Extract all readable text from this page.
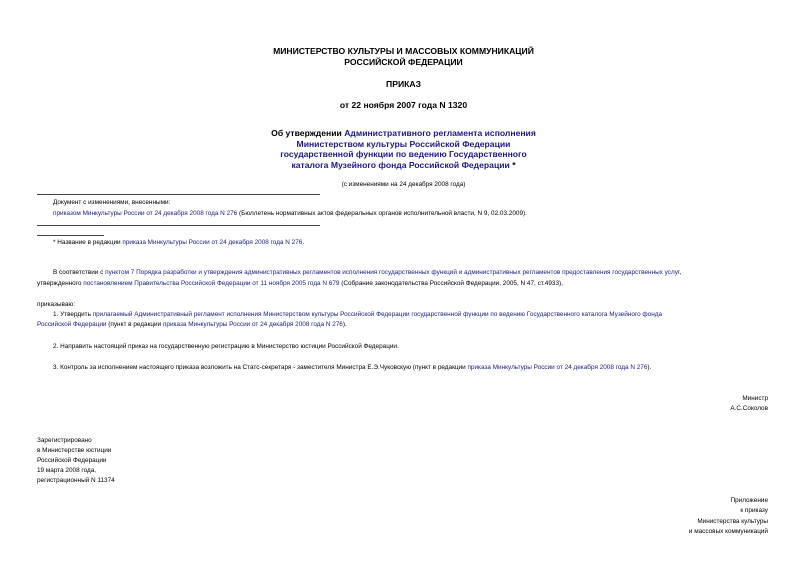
МИНИСТЕРСТВО КУЛЬТУРЫ И МАССОВЫХ КОММУНИКАЦИЙ
РОССИЙСКОЙ ФЕДЕРАЦИИ
ПРИКАЗ
от 22 ноября 2007 года N 1320
Об утверждении Административного регламента исполнения
Министерством культуры Российской Федерации
государственной функции по ведению Государственного
каталога Музейного фонда Российской Федерации *
(с изменениями на 24 декабря 2008 года)
Документ с изменениями, внесенными:
приказом Минкультуры России от 24 декабря 2008 года N 276 (Бюллетень нормативных актов федеральных органов исполнительной власти, N 9, 02.03.2009).
* Название в редакции приказа Минкультуры России от 24 декабря 2008 года N 276.
В соответствии с пунктом 7 Порядка разработки и утверждения административных регламентов исполнения государственных функций и административных регламентов предоставления государственных услуг,
утвержденного постановлением Правительства Российской Федерации от 11 ноября 2005 года N 679 (Собрание законодательства Российской Федерации, 2005, N 47, ст.4933),
приказываю:
1. Утвердить прилагаемый Административный регламент исполнения Министерством культуры Российской Федерации государственной функции по ведению Государственного каталога Музейного фонда
Российской Федерации (пункт в редакции приказа Минкультуры России от 24 декабря 2008 года N 276).
2. Направить настоящий приказ на государственную регистрацию в Министерство юстиции Российской Федерации.
3. Контроль за исполнением настоящего приказа возложить на Статс-секретаря - заместителя Министра Е.Э.Чуковскую (пункт в редакции приказа Минкультуры России от 24 декабря 2008 года N 276).
Министр
А.С.Соколов
Зарегистрировано
в Министерстве юстиции
Российской Федерации
19 марта 2008 года,
регистрационный N 11374
Приложение
к приказу
Министерства культуры
и массовых коммуникаций
